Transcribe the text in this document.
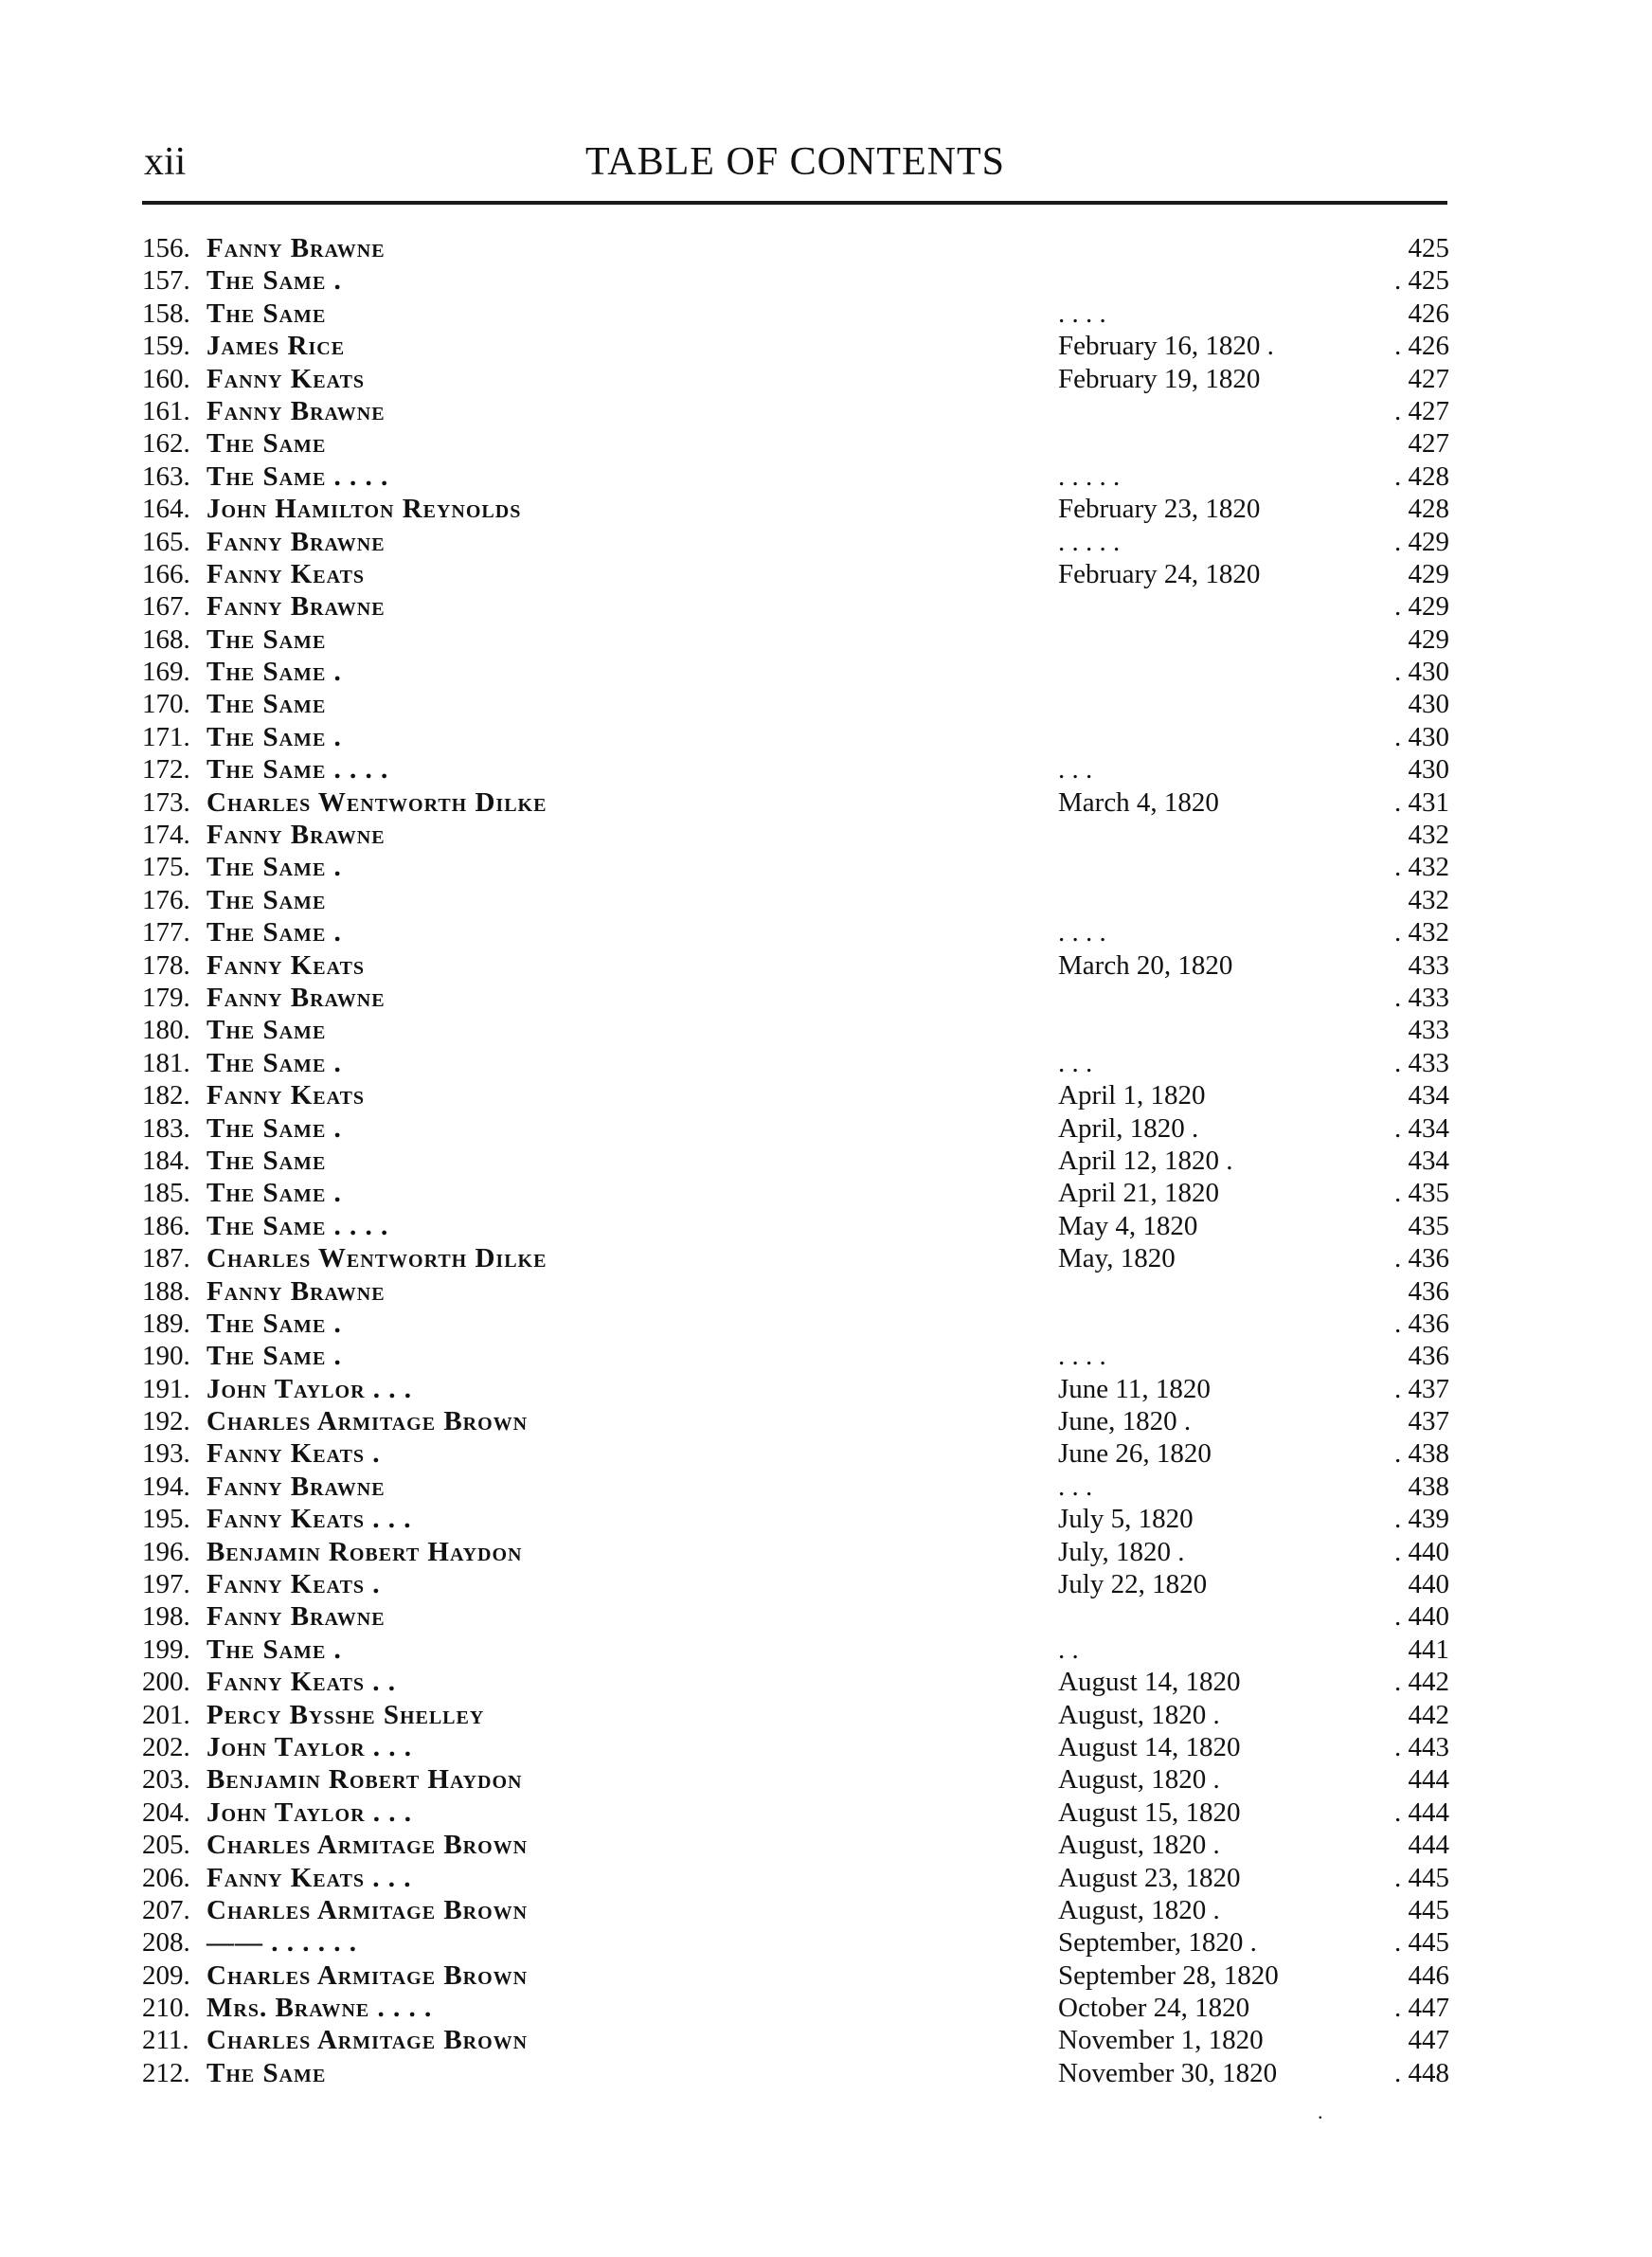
xii	TABLE OF CONTENTS
156. Fanny Brawne	425
157. The Same .	. 425
158. The Same	. . . .	426
159. James Rice	February 16, 1820 .	. 426
160. Fanny Keats	February 19, 1820	427
161. Fanny Brawne	. 427
162. The Same	427
163. The Same . . . .	. . . . .	. 428
164. John Hamilton Reynolds	February 23, 1820	428
165. Fanny Brawne	. . . . .	. 429
166. Fanny Keats	February 24, 1820	429
167. Fanny Brawne	. 429
168. The Same	429
169. The Same .	. 430
170. The Same	430
171. The Same .	. 430
172. The Same . . . .	. . .	430
173. Charles Wentworth Dilke	March 4, 1820	. 431
174. Fanny Brawne	432
175. The Same .	. 432
176. The Same	432
177. The Same .	. . . .	. 432
178. Fanny Keats	March 20, 1820	433
179. Fanny Brawne	. 433
180. The Same	433
181. The Same .	. . .	. 433
182. Fanny Keats	April 1, 1820	434
183. The Same .	April, 1820 .	. 434
184. The Same	April 12, 1820 .	434
185. The Same .	April 21, 1820	. 435
186. The Same . . . .	May 4, 1820	435
187. Charles Wentworth Dilke	May, 1820	. 436
188. Fanny Brawne	436
189. The Same .	. 436
190. The Same .	. . . .	436
191. John Taylor . . .	June 11, 1820	. 437
192. Charles Armitage Brown	June, 1820 .	437
193. Fanny Keats .	June 26, 1820	. 438
194. Fanny Brawne	. . .	438
195. Fanny Keats . . .	July 5, 1820	. 439
196. Benjamin Robert Haydon	July, 1820 .	. 440
197. Fanny Keats .	July 22, 1820	440
198. Fanny Brawne	. 440
199. The Same .	. .	441
200. Fanny Keats . .	August 14, 1820	. 442
201. Percy Bysshe Shelley	August, 1820 .	442
202. John Taylor . . .	August 14, 1820	. 443
203. Benjamin Robert Haydon	August, 1820 .	444
204. John Taylor . . .	August 15, 1820	. 444
205. Charles Armitage Brown	August, 1820 .	444
206. Fanny Keats . . .	August 23, 1820	. 445
207. Charles Armitage Brown	August, 1820 .	445
208. —— . . . . . .	September, 1820 .	. 445
209. Charles Armitage Brown	September 28, 1820	446
210. Mrs. Brawne . . . .	October 24, 1820	. 447
211. Charles Armitage Brown	November 1, 1820	447
212. The Same	November 30, 1820	. 448
.
